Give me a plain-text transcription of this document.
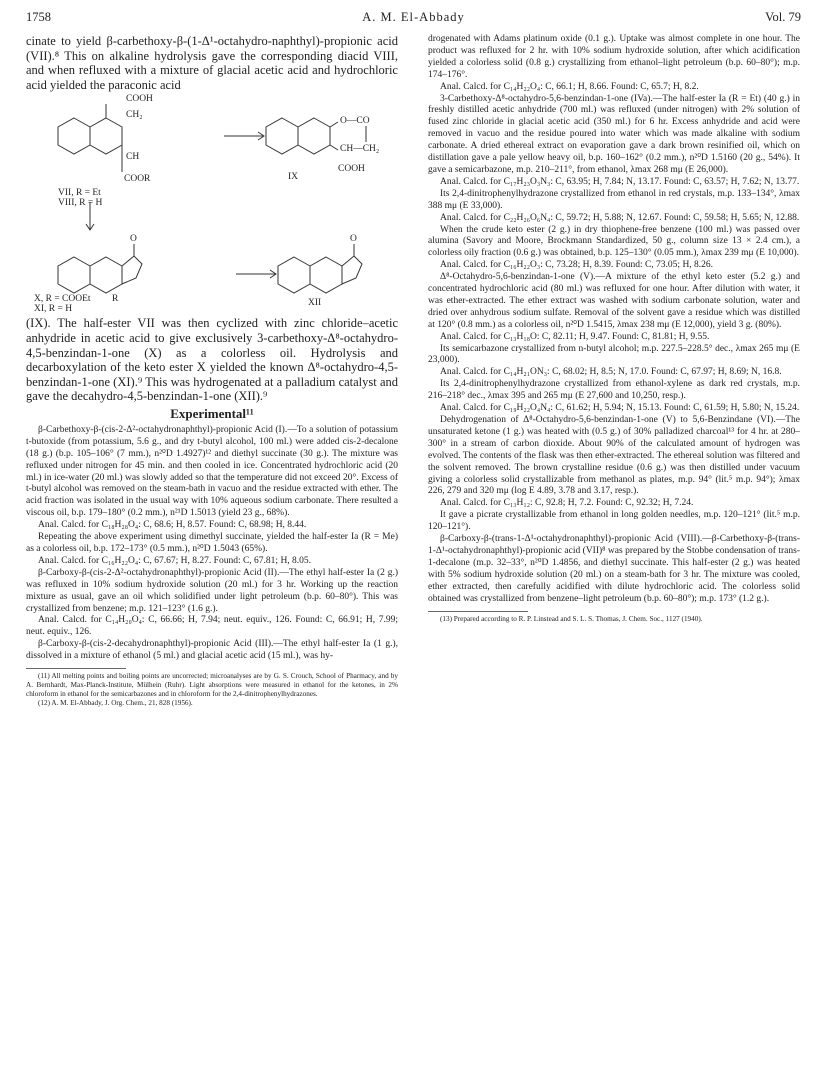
1758	A. M. El-Abbady	Vol. 79

cinate to yield β-carbethoxy-β-(1-Δ¹-octahydro-naphthyl)-propionic acid (VII).⁸ This on alkaline hydrolysis gave the corresponding diacid VIII, and when refluxed with a mixture of glacial acetic acid and hydrochloric acid yielded the paraconic acid

COOH
CH₂
CH
COOR
VII, R = Et
VIII, R = H
O—CO
CH—CH₂
COOH
IX
O	O
R
X, R = COOEt
XI, R = H
XII

(IX). The half-ester VII was then cyclized with zinc chloride–acetic anhydride in acetic acid to give exclusively 3-carbethoxy-Δ⁸-octahydro-4,5-benzindan-1-one (X) as a colorless oil. Hydrolysis and decarboxylation of the keto ester X yielded the known Δ⁸-octahydro-4,5-benzindan-1-one (XI).⁹ This was hydrogenated at a palladium catalyst and gave the decahydro-4,5-benzindan-1-one (XII).⁹

Experimental¹¹

β-Carbethoxy-β-(cis-2-Δ²-octahydronaphthyl)-propionic Acid (I).—To a solution of potassium t-butoxide (from potassium, 5.6 g., and dry t-butyl alcohol, 100 ml.) were added cis-2-decalone (18 g.) (b.p. 105–106° (7 mm.), n²⁰D 1.4927)¹² and diethyl succinate (30 g.). The mixture was refluxed under nitrogen for 45 min. and then cooled in ice. Concentrated hydrochloric acid (20 ml.) in ice-water (20 ml.) was slowly added so that the temperature did not exceed 20°. Excess of t-butyl alcohol was removed on the steam-bath in vacuo and the residue extracted with ether. The acid fraction was isolated in the usual way with 10% aqueous sodium carbonate. There resulted a viscous oil, b.p. 179–180° (0.2 mm.), n²¹D 1.5013 (yield 23 g., 68%).

Anal. Calcd. for C₁₈H₂₈O₄: C, 68.6; H, 8.57. Found: C, 68.98; H, 8.44.

Repeating the above experiment using dimethyl succinate, yielded the half-ester Ia (R = Me) as a colorless oil, b.p. 172–173° (0.5 mm.), n²⁰D 1.5043 (65%).

Anal. Calcd. for C₁₆H₂₂O₄: C, 67.67; H, 8.27. Found: C, 67.81; H, 8.05.

β-Carboxy-β-(cis-2-Δ²-octahydronaphthyl)-propionic Acid (II).—The ethyl half-ester Ia (2 g.) was refluxed in 10% sodium hydroxide solution (20 ml.) for 3 hr. Working up the reaction mixture as usual, gave an oil which solidified under light petroleum (b.p. 60–80°). This was crystallized from benzene; m.p. 121–123° (1.6 g.).

Anal. Calcd. for C₁₄H₂₀O₄: C, 66.66; H, 7.94; neut. equiv., 126. Found: C, 66.91; H, 7.99; neut. equiv., 126.

β-Carboxy-β-(cis-2-decahydronaphthyl)-propionic Acid (III).—The ethyl half-ester Ia (1 g.), dissolved in a mixture of ethanol (5 ml.) and glacial acetic acid (15 ml.), was hy-

(11) All melting points and boiling points are uncorrected; microanalyses are by G. S. Crouch, School of Pharmacy, and by A. Bernhardt, Max-Planck-Institute, Mülhein (Ruhr). Light absorptions were measured in ethanol for the ketones, in 2% chloroform in ethanol for the semicarbazones and in chloroform for the 2,4-dinitrophenylhydrazones.

(12) A. M. El-Abbady, J. Org. Chem., 21, 828 (1956).

drogenated with Adams platinum oxide (0.1 g.). Uptake was almost complete in one hour. The product was refluxed for 2 hr. with 10% sodium hydroxide solution, after which acidification yielded a colorless solid (0.8 g.) crystallizing from ethanol–light petroleum (b.p. 60–80°); m.p. 174–176°.

Anal. Calcd. for C₁₄H₂₂O₄: C, 66.1; H, 8.66. Found: C, 65.7; H, 8.2.

3-Carbethoxy-Δ⁸-octahydro-5,6-benzindan-1-one (IVa).—The half-ester Ia (R = Et) (40 g.) in freshly distilled acetic anhydride (700 ml.) was refluxed (under nitrogen) with 2% solution of fused zinc chloride in glacial acetic acid (350 ml.) for 6 hr. Excess anhydride and acid were removed in vacuo and the residue poured into water which was made alkaline with sodium carbonate. A dried ethereal extract on evaporation gave a dark brown resinified oil, which on distillation gave a pale yellow heavy oil, b.p. 160–162° (0.2 mm.), n²⁰D 1.5160 (20 g., 54%). It gave a semicarbazone, m.p. 210–211°, from ethanol, λmax 268 mμ (E 26,000).

Anal. Calcd. for C₁₇H₂₃O₃N₃: C, 63.95; H, 7.84; N, 13.17. Found: C, 63.57; H, 7.62; N, 13.77.

Its 2,4-dinitrophenylhydrazone crystallized from ethanol in red crystals, m.p. 133–134°, λmax 388 mμ (E 33,000).

Anal. Calcd. for C₂₂H₂₆O₆N₄: C, 59.72; H, 5.88; N, 12.67. Found: C, 59.58; H, 5.65; N, 12.88.

When the crude keto ester (2 g.) in dry thiophene-free benzene (100 ml.) was passed over alumina (Savory and Moore, Brockmann Standardized, 50 g., column size 13 × 2.4 cm.), a colorless oily fraction (0.6 g.) was obtained, b.p. 125–130° (0.05 mm.), λmax 239 mμ (E 10,000).

Anal. Calcd. for C₁₆H₂₂O₃: C, 73.28; H, 8.39. Found: C, 73.05; H, 8.26.

Δ⁸-Octahydro-5,6-benzindan-1-one (V).—A mixture of the ethyl keto ester (5.2 g.) and concentrated hydrochloric acid (80 ml.) was refluxed for one hour. After dilution with water, it was ether-extracted. The ether extract was washed with sodium carbonate solution, water and dried over anhydrous sodium sulfate. Removal of the solvent gave a residue which was distilled at 120° (0.8 mm.) as a colorless oil, n²⁰D 1.5415, λmax 238 mμ (E 12,000), yield 3 g. (80%).

Anal. Calcd. for C₁₃H₁₈O: C, 82.11; H, 9.47. Found: C, 81.81; H, 9.55.

Its semicarbazone crystallized from n-butyl alcohol; m.p. 227.5–228.5° dec., λmax 265 mμ (E 23,000).

Anal. Calcd. for C₁₄H₂₁ON₃: C, 68.02; H, 8.5; N, 17.0. Found: C, 67.97; H, 8.69; N, 16.8.

Its 2,4-dinitrophenylhydrazone crystallized from ethanol-xylene as dark red crystals, m.p. 216–218° dec., λmax 395 and 265 mμ (E 27,600 and 10,250, resp.).

Anal. Calcd. for C₁₉H₂₂O₄N₄: C, 61.62; H, 5.94; N, 15.13. Found: C, 61.59; H, 5.80; N, 15.24.

Dehydrogenation of Δ⁸-Octahydro-5,6-benzindan-1-one (V) to 5,6-Benzindane (VI).—The unsaturated ketone (1 g.) was heated with (0.5 g.) of 30% palladized charcoal¹³ for 4 hr. at 280–300° in a stream of carbon dioxide. About 90% of the calculated amount of hydrogen was evolved. The contents of the flask was then ether-extracted. The ethereal solution was filtered and the solvent removed. The brown crystalline residue (0.6 g.) was then distilled under vacuum giving a colorless solid crystallizable from methanol as plates, m.p. 94° (lit.⁵ m.p. 94°); λmax 226, 279 and 320 mμ (log E 4.89, 3.78 and 3.17, resp.).

Anal. Calcd. for C₁₃H₁₂: C, 92.8; H, 7.2. Found: C, 92.32; H, 7.24.

It gave a picrate crystallizable from ethanol in long golden needles, m.p. 120–121° (lit.⁵ m.p. 120–121°).

β-Carboxy-β-(trans-1-Δ¹-octahydronaphthyl)-propionic Acid (VIII).—β-Carbethoxy-β-(trans-1-Δ¹-octahydronaphthyl)-propionic acid (VII)⁸ was prepared by the Stobbe condensation of trans-1-decalone (m.p. 32–33°, n²⁰D 1.4856, and diethyl succinate. This half-ester (2 g.) was heated with 5% sodium hydroxide solution (20 ml.) on a steam-bath for 3 hr. The mixture was cooled, ether extracted, then carefully acidified with dilute hydrochloric acid. The colorless solid obtained was crystallized from benzene–light petroleum (b.p. 60–80°); m.p. 173° (1.2 g.).

(13) Prepared according to R. P. Linstead and S. L. S. Thomas, J. Chem. Soc., 1127 (1940).
